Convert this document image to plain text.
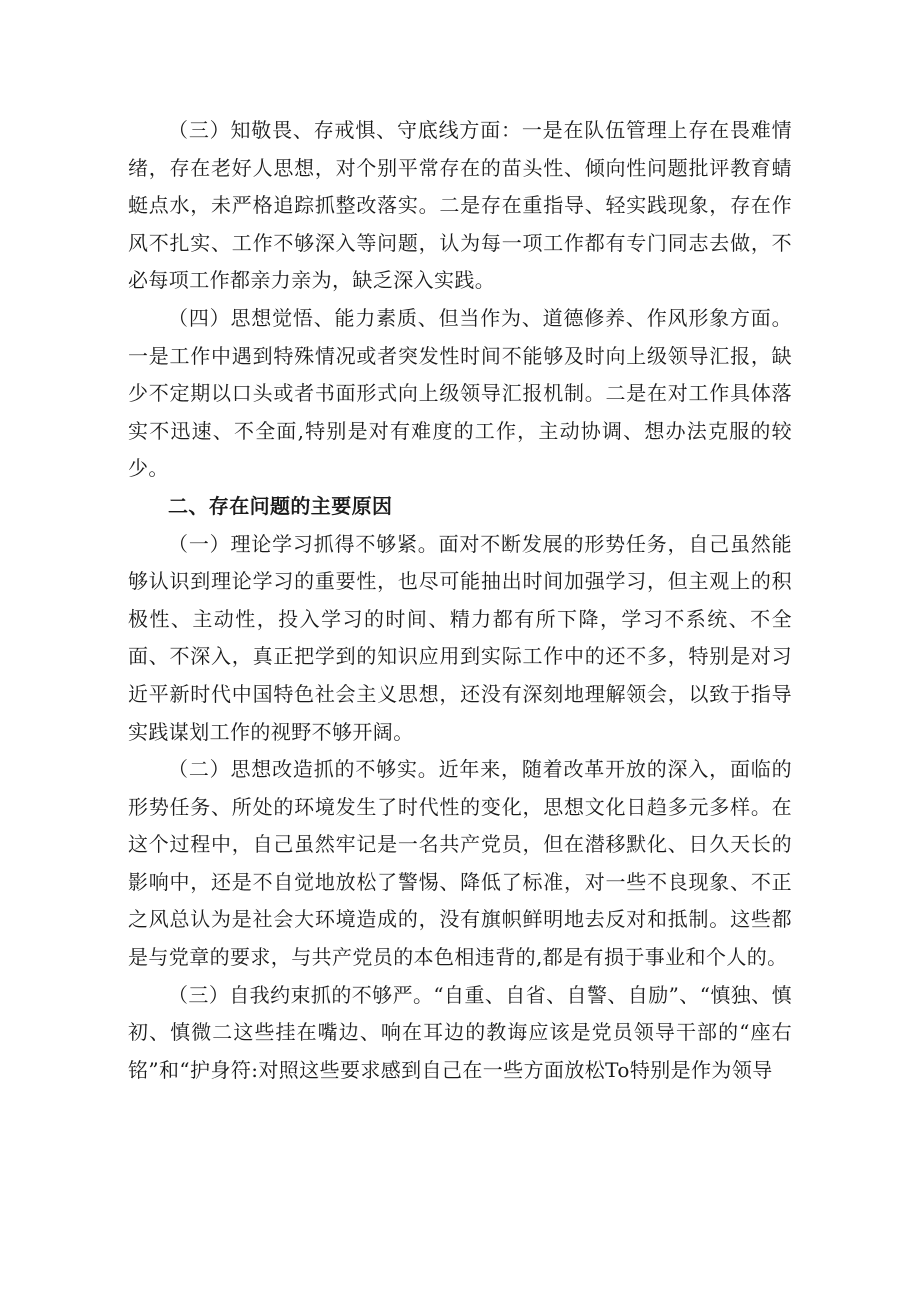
（三）知敬畏、存戒惧、守底线方面：一是在队伍管理上存在畏难情绪，存在老好人思想，对个别平常存在的苗头性、倾向性问题批评教育蜻蜓点水，未严格追踪抓整改落实。二是存在重指导、轻实践现象，存在作风不扎实、工作不够深入等问题，认为每一项工作都有专门同志去做，不必每项工作都亲力亲为，缺乏深入实践。

（四）思想觉悟、能力素质、但当作为、道德修养、作风形象方面。一是工作中遇到特殊情况或者突发性时间不能够及时向上级领导汇报，缺少不定期以口头或者书面形式向上级领导汇报机制。二是在对工作具体落实不迅速、不全面,特别是对有难度的工作，主动协调、想办法克服的较少。

二、存在问题的主要原因

（一）理论学习抓得不够紧。面对不断发展的形势任务，自己虽然能够认识到理论学习的重要性，也尽可能抽出时间加强学习，但主观上的积极性、主动性，投入学习的时间、精力都有所下降，学习不系统、不全面、不深入，真正把学到的知识应用到实际工作中的还不多，特别是对习近平新时代中国特色社会主义思想，还没有深刻地理解领会，以致于指导实践谋划工作的视野不够开阔。

（二）思想改造抓的不够实。近年来，随着改革开放的深入，面临的形势任务、所处的环境发生了时代性的变化，思想文化日趋多元多样。在这个过程中，自己虽然牢记是一名共产党员，但在潜移默化、日久天长的影响中，还是不自觉地放松了警惕、降低了标准，对一些不良现象、不正之风总认为是社会大环境造成的，没有旗帜鲜明地去反对和抵制。这些都是与党章的要求，与共产党员的本色相违背的,都是有损于事业和个人的。

（三）自我约束抓的不够严。“自重、自省、自警、自励”、“慎独、慎初、慎微二这些挂在嘴边、响在耳边的教诲应该是党员领导干部的“座右铭”和“护身符:对照这些要求感到自己在一些方面放松To特别是作为领导
